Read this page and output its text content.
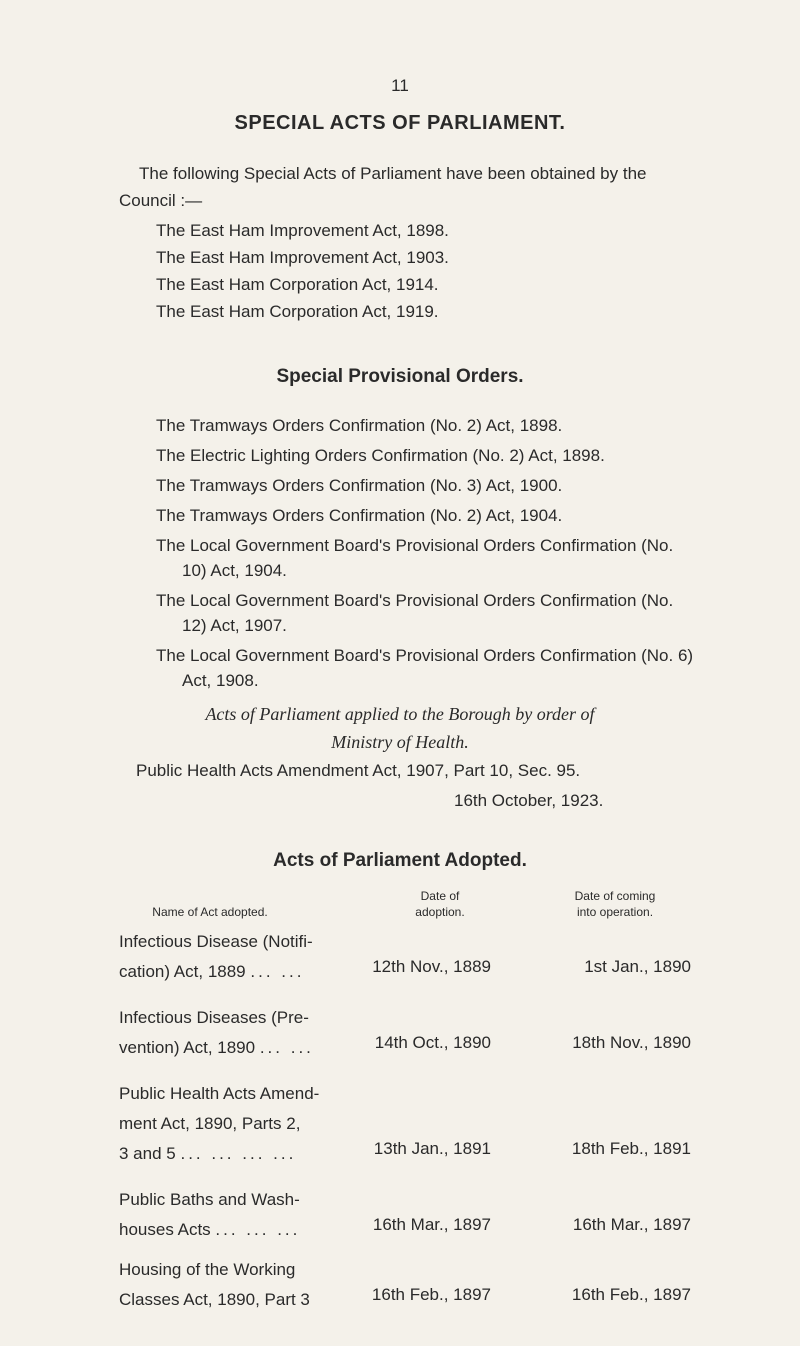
11
SPECIAL ACTS OF PARLIAMENT.

The following Special Acts of Parliament have been obtained by the Council :—

The East Ham Improvement Act, 1898.
The East Ham Improvement Act, 1903.
The East Ham Corporation Act, 1914.
The East Ham Corporation Act, 1919.
Special Provisional Orders.
The Tramways Orders Confirmation (No. 2) Act, 1898.
The Electric Lighting Orders Confirmation (No. 2) Act, 1898.
The Tramways Orders Confirmation (No. 3) Act, 1900.
The Tramways Orders Confirmation (No. 2) Act, 1904.
The Local Government Board's Provisional Orders Confirmation (No. 10) Act, 1904.
The Local Government Board's Provisional Orders Confirmation (No. 12) Act, 1907.
The Local Government Board's Provisional Orders Confirmation (No. 6) Act, 1908.

Acts of Parliament applied to the Borough by order of
Ministry of Health.

Public Health Acts Amendment Act, 1907, Part 10, Sec. 95.

16th October, 1923.

Acts of Parliament Adopted.
Name of Act adopted.
Date of
adoption.
Date of coming
into operation.
Infectious Disease (Notifi-
cation) Act, 1889 ... ...	12th Nov., 1889	1st Jan., 1890
Infectious Diseases (Pre-
vention) Act, 1890 ... ...	14th Oct., 1890	18th Nov., 1890
Public Health Acts Amend-
ment Act, 1890, Parts 2,
3 and 5 ... ... ... ...	13th Jan., 1891	18th Feb., 1891
Public Baths and Wash-
houses Acts ... ... ...	16th Mar., 1897	16th Mar., 1897
Housing of the Working
Classes Act, 1890, Part 3	16th Feb., 1897	16th Feb., 1897
